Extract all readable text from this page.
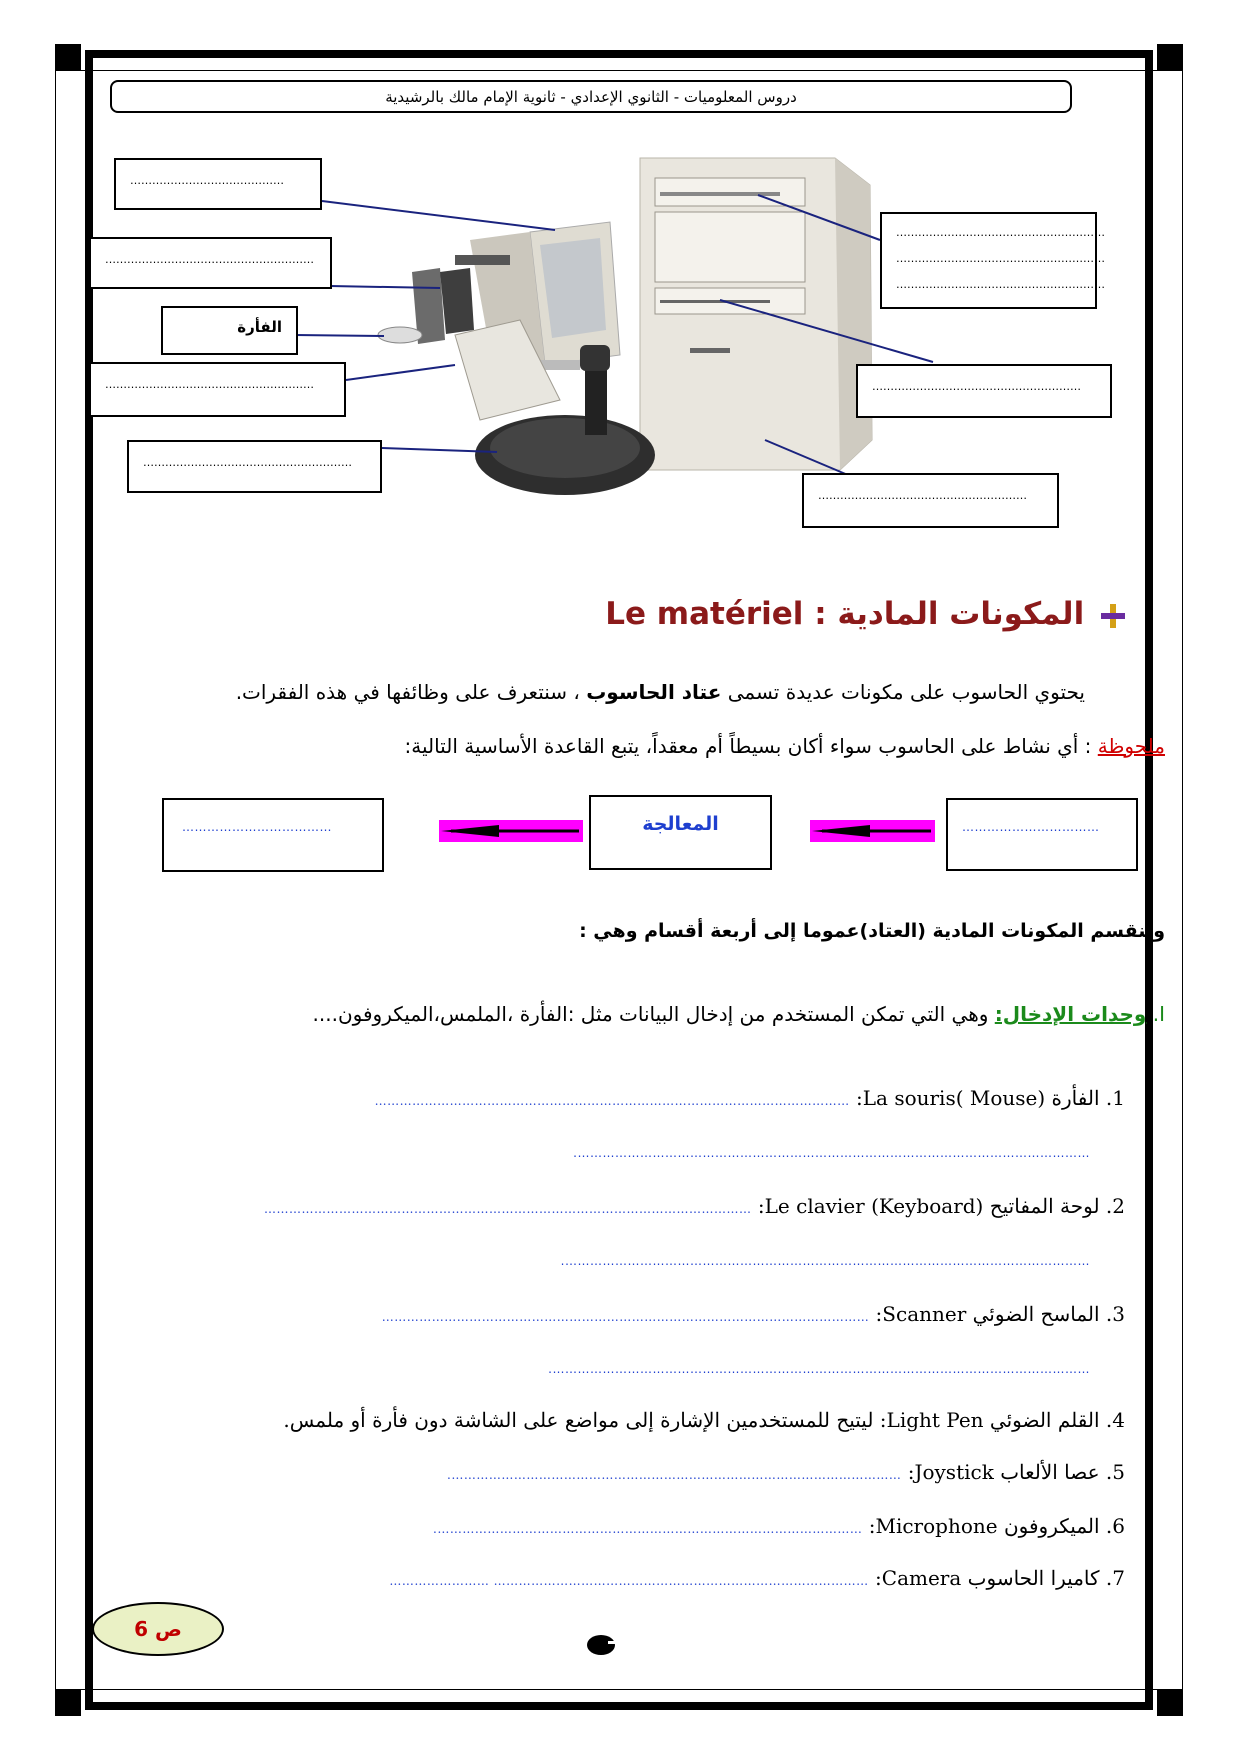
دروس المعلوميات - الثانوي الإعدادي - ثانوية الإمام مالك بالرشيدية
……………………………………
…………………………………………………
الفأرة
…………………………………………………
…………………………………………………
…………………………………………………
…………………………………………………
…………………………………………………
…………………………………………………
…………………………………………………
المكونات المادية : Le matériel
يحتوي الحاسوب على مكونات عديدة تسمى عتاد الحاسوب ، سنتعرف على وظائفها في هذه الفقرات.
ملحوظة : أي نشاط على الحاسوب سواء أكان بسيطاً أم معقداً، يتبع القاعدة الأساسية التالية:
………………………………	المعالجة	……………………………
وتنقسم المكونات المادية (العتاد)عموما إلى أربعة أقسام وهي :
I. وحدات الإدخال: وهي التي تمكن المستخدم من إدخال البيانات مثل :الفأرة ،الملمس،الميكروفون....
1. الفأرة La souris( Mouse): ……………………………………………………………………………………………………
…………………………………………………………………………………………………………….
2. لوحة المفاتيح Le clavier (Keyboard): ………………………………………………………………………………………………………
……………………………………………………………………………………………………………….
3. الماسح الضوئي Scanner: ………………………………………………………………………………………………………
………………………………………………………………………………………………………………….
4. القلم الضوئي Light Pen: ليتيح للمستخدمين الإشارة إلى مواضع على الشاشة دون فأرة أو ملمس.
5. عصا الألعاب Joystick: ……………………………………………………………………………………………….
6. الميكروفون Microphone: ………………………………………………………………………………………….
7. كاميرا الحاسوب Camera: ……………………………………………………………………………… ……………………
ص 6
